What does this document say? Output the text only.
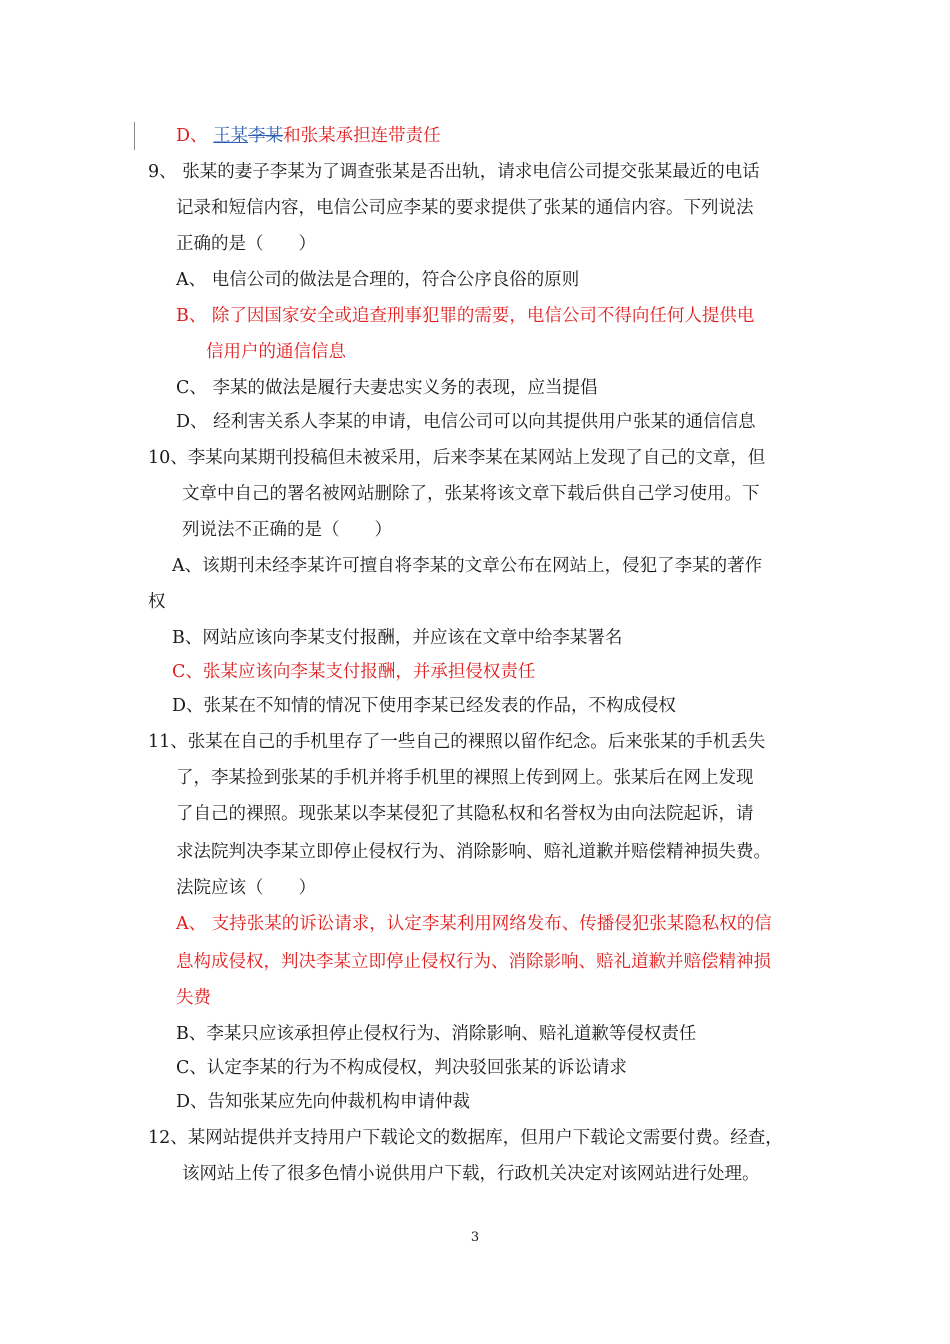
D、 王某李某和张某承担连带责任
9、 张某的妻子李某为了调查张某是否出轨，请求电信公司提交张某最近的电话
记录和短信内容，电信公司应李某的要求提供了张某的通信内容。下列说法
正确的是（　　）
A、 电信公司的做法是合理的，符合公序良俗的原则
B、 除了因国家安全或追查刑事犯罪的需要，电信公司不得向任何人提供电
信用户的通信信息
C、 李某的做法是履行夫妻忠实义务的表现，应当提倡
D、 经利害关系人李某的申请，电信公司可以向其提供用户张某的通信信息
10、李某向某期刊投稿但未被采用，后来李某在某网站上发现了自己的文章，但
文章中自己的署名被网站删除了，张某将该文章下载后供自己学习使用。下
列说法不正确的是（　　）
A、该期刊未经李某许可擅自将李某的文章公布在网站上，侵犯了李某的著作
权
B、网站应该向李某支付报酬，并应该在文章中给李某署名
C、张某应该向李某支付报酬，并承担侵权责任
D、张某在不知情的情况下使用李某已经发表的作品，不构成侵权
11、张某在自己的手机里存了一些自己的裸照以留作纪念。后来张某的手机丢失
了，李某捡到张某的手机并将手机里的裸照上传到网上。张某后在网上发现
了自己的裸照。现张某以李某侵犯了其隐私权和名誉权为由向法院起诉，请
求法院判决李某立即停止侵权行为、消除影响、赔礼道歉并赔偿精神损失费。
法院应该（　　）
A、 支持张某的诉讼请求，认定李某利用网络发布、传播侵犯张某隐私权的信
息构成侵权，判决李某立即停止侵权行为、消除影响、赔礼道歉并赔偿精神损
失费
B、李某只应该承担停止侵权行为、消除影响、赔礼道歉等侵权责任
C、认定李某的行为不构成侵权，判决驳回张某的诉讼请求
D、告知张某应先向仲裁机构申请仲裁
12、某网站提供并支持用户下载论文的数据库，但用户下载论文需要付费。经查，
该网站上传了很多色情小说供用户下载，行政机关决定对该网站进行处理。
3
